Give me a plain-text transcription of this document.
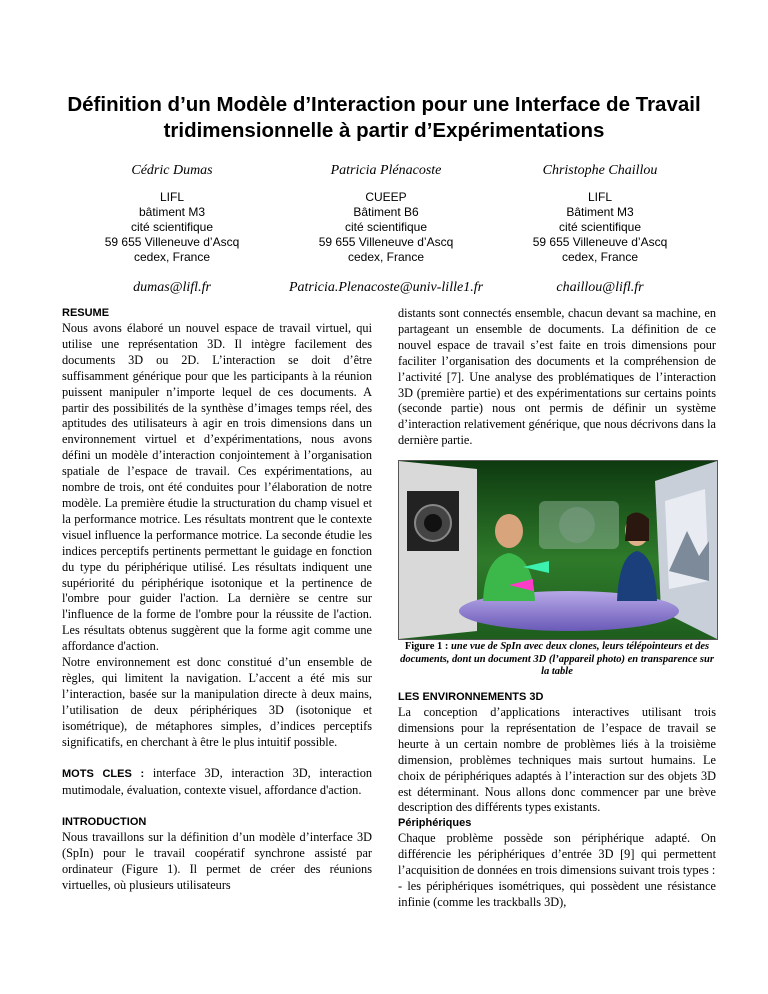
Définition d’un Modèle d’Interaction pour une Interface de Travail tridimensionnelle à partir d’Expérimentations
Cédric Dumas
LIFL
bâtiment M3
cité scientifique
59 655 Villeneuve d’Ascq
cedex, France
dumas@lifl.fr
Patricia Plénacoste
CUEEP
Bâtiment B6
cité scientifique
59 655 Villeneuve d’Ascq
cedex, France
Patricia.Plenacoste@univ-lille1.fr
Christophe Chaillou
LIFL
Bâtiment M3
cité scientifique
59 655 Villeneuve d’Ascq
cedex, France
chaillou@lifl.fr
RESUME

Nous avons élaboré un nouvel espace de travail virtuel, qui utilise une représentation 3D. Il intègre facilement des documents 3D ou 2D. L’interaction se doit d’être suffisamment générique pour que les participants à la réunion puissent manipuler n’importe lequel de ces documents. A partir des possibilités de la synthèse d’images temps réel, des aptitudes des utilisateurs à agir en trois dimensions dans un environnement virtuel et d’expérimentations, nous avons défini un modèle d’interaction conjointement à l’organisation spatiale de l’espace de travail. Ces expérimentations, au nombre de trois, ont été conduites pour l’élaboration de notre modèle. La première étudie la structuration du champ visuel et la performance motrice. Les résultats montrent que le contexte visuel influence la performance motrice. La seconde étudie les indices perceptifs pertinents permettant le guidage en fonction du type du périphérique utilisé. Les résultats indiquent une supériorité du périphérique isotonique et la pertinence de l'ombre pour guider l'action. La dernière se centre sur l'influence de la forme de l'ombre pour la réussite de l'action. Les résultats obtenus suggèrent que la forme agit comme une affordance d'action.

Notre environnement est donc constitué d’un ensemble de règles, qui limitent la navigation. L’accent a été mis sur l’interaction, basée sur la manipulation directe à deux mains, l’utilisation de deux périphériques 3D (isotonique et isométrique), de métaphores simples, d’indices perceptifs significatifs, en cherchant à être le plus intuitif possible.

MOTS CLES : interface 3D, interaction 3D, interaction mutimodale, évaluation, contexte visuel, affordance d'action.

INTRODUCTION

Nous travaillons sur la définition d’un modèle d’interface 3D (SpIn) pour le travail coopératif synchrone assisté par ordinateur (Figure 1). Il permet de créer des réunions virtuelles, où plusieurs utilisateurs

distants sont connectés ensemble, chacun devant sa machine, en partageant un ensemble de documents. La définition de ce nouvel espace de travail s’est faite en trois dimensions pour faciliter l’organisation des documents et la compréhension de l’activité [7]. Une analyse des problématiques de l’interaction 3D (première partie) et des expérimentations sur certains points (seconde partie) nous ont permis de définir un système d’interaction relativement générique, que nous décrivons dans la dernière partie.

Figure 1 : une vue de SpIn avec deux clones, leurs télépointeurs et des documents, dont un document 3D (l’appareil photo) en transparence sur la table
LES ENVIRONNEMENTS 3D

La conception d’applications interactives utilisant trois dimensions pour la représentation de l’espace de travail se heurte à un certain nombre de problèmes liés à la troisième dimension, problèmes techniques mais surtout humains. Le choix de périphériques adaptés à l’interaction sur des objets 3D est déterminant. Nous allons donc commencer par une brève description des différents types existants.

Périphériques

Chaque problème possède son périphérique adapté. On différencie les périphériques d’entrée 3D [9] qui permettent l’acquisition de données en trois dimensions suivant trois types :

- les périphériques isométriques, qui possèdent une résistance infinie (comme les trackballs 3D),
